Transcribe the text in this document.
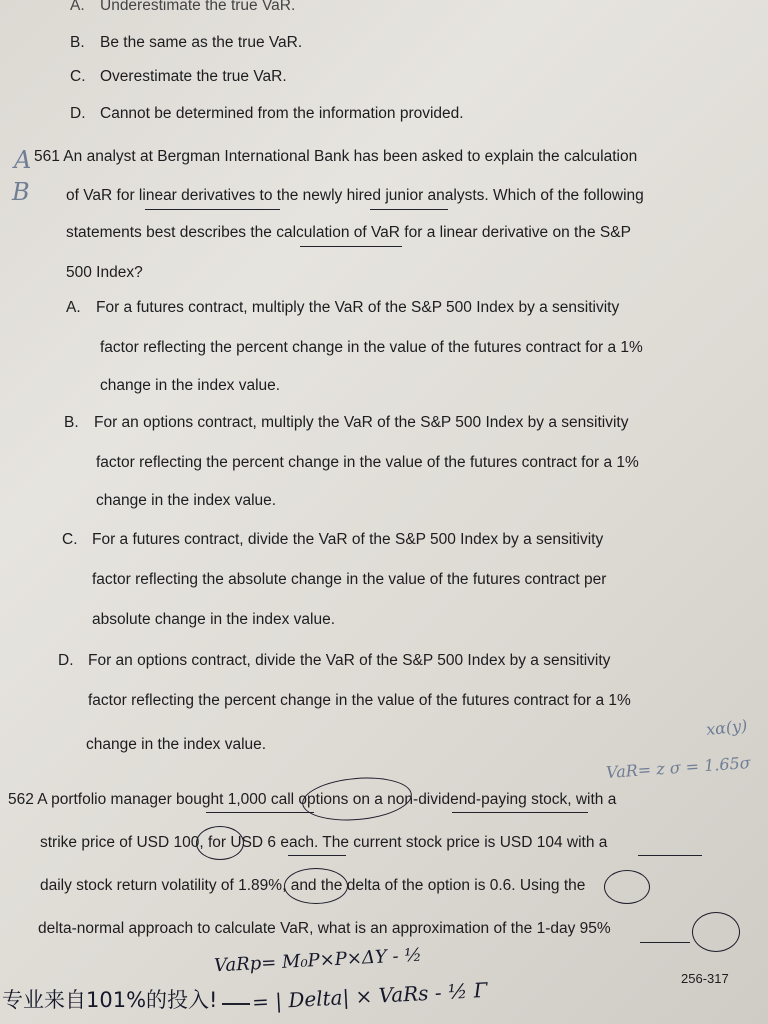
A. Underestimate the true VaR.
B. Be the same as the true VaR.
C. Overestimate the true VaR.
D. Cannot be determined from the information provided.
A
B
561 An analyst at Bergman International Bank has been asked to explain the calculation
of VaR for linear derivatives to the newly hired junior analysts. Which of the following
statements best describes the calculation of VaR for a linear derivative on the S&P
500 Index?
A. For a futures contract, multiply the VaR of the S&P 500 Index by a sensitivity
factor reflecting the percent change in the value of the futures contract for a 1%
change in the index value.
B. For an options contract, multiply the VaR of the S&P 500 Index by a sensitivity
factor reflecting the percent change in the value of the futures contract for a 1%
change in the index value.
C. For a futures contract, divide the VaR of the S&P 500 Index by a sensitivity
factor reflecting the absolute change in the value of the futures contract per
absolute change in the index value.
D. For an options contract, divide the VaR of the S&P 500 Index by a sensitivity
factor reflecting the percent change in the value of the futures contract for a 1%
change in the index value.
xα(y)
VaR= z σ = 1.65σ
562 A portfolio manager bought 1,000 call options on a non-dividend-paying stock, with a
strike price of USD 100, for USD 6 each. The current stock price is USD 104 with a
daily stock return volatility of 1.89%, and the delta of the option is 0.6. Using the
delta-normal approach to calculate VaR, what is an approximation of the 1-day 95%
VaRp= M₀P×P×ΔY - ½
= | Delta| × VaRs - ½ Γ
专业来自101%的投入!
256-317
